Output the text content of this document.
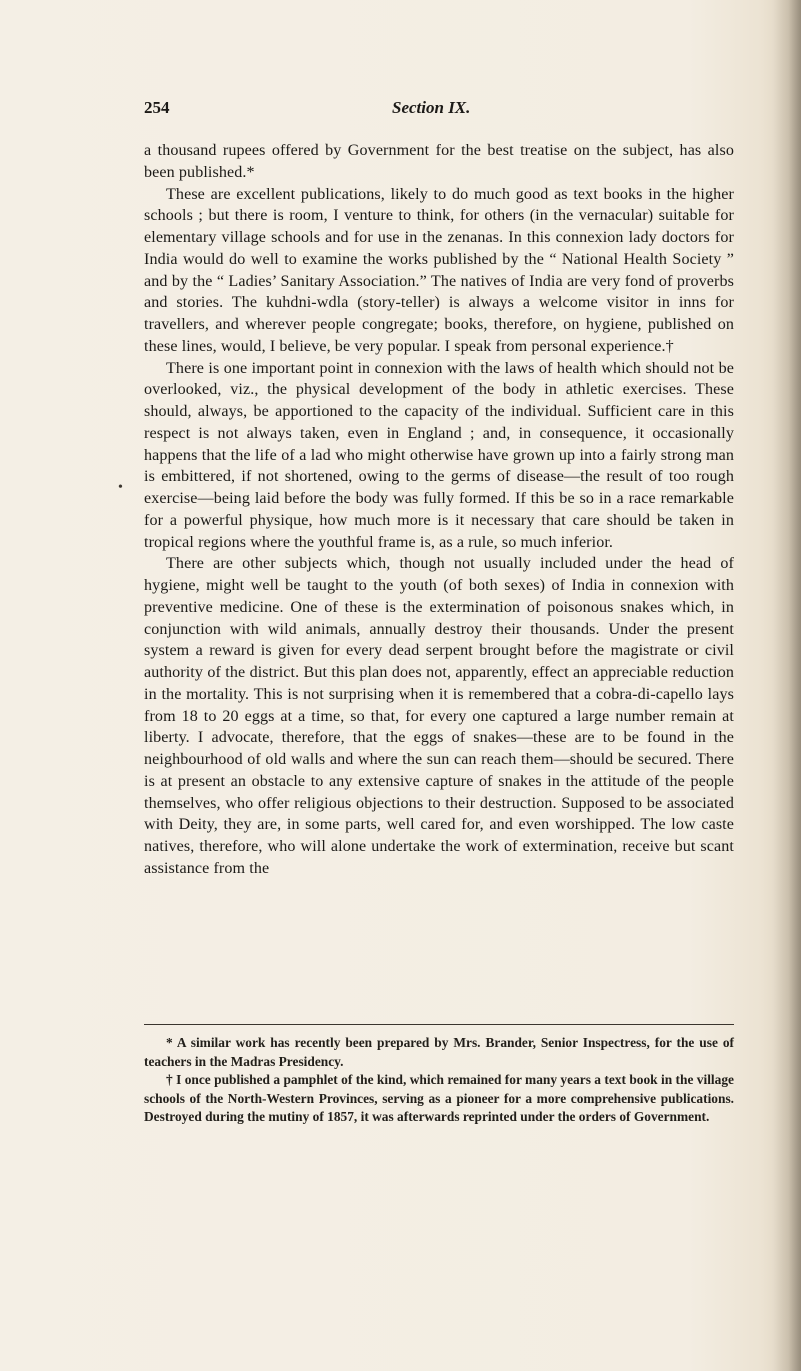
254	Section IX.
•

a thousand rupees offered by Government for the best treatise on the subject, has also been published.*

These are excellent publications, likely to do much good as text books in the higher schools ; but there is room, I venture to think, for others (in the vernacular) suitable for elementary village schools and for use in the zenanas. In this connexion lady doctors for India would do well to examine the works published by the “ National Health Society ” and by the “ Ladies’ Sanitary Association.” The natives of India are very fond of proverbs and stories. The kuhdni-wdla (story-teller) is always a welcome visitor in inns for travellers, and wherever people congregate; books, therefore, on hygiene, published on these lines, would, I believe, be very popular. I speak from personal experience.†

There is one important point in connexion with the laws of health which should not be overlooked, viz., the physical development of the body in athletic exercises. These should, always, be apportioned to the capacity of the individual. Sufficient care in this respect is not always taken, even in England ; and, in consequence, it occasionally happens that the life of a lad who might otherwise have grown up into a fairly strong man is embittered, if not shortened, owing to the germs of disease—the result of too rough exercise—being laid before the body was fully formed. If this be so in a race remarkable for a powerful physique, how much more is it necessary that care should be taken in tropical regions where the youthful frame is, as a rule, so much inferior.

There are other subjects which, though not usually included under the head of hygiene, might well be taught to the youth (of both sexes) of India in connexion with preventive medicine. One of these is the extermination of poisonous snakes which, in conjunction with wild animals, annually destroy their thousands. Under the present system a reward is given for every dead serpent brought before the magistrate or civil authority of the district. But this plan does not, apparently, effect an appreciable reduction in the mortality. This is not surprising when it is remembered that a cobra-di-capello lays from 18 to 20 eggs at a time, so that, for every one captured a large number remain at liberty. I advocate, therefore, that the eggs of snakes—these are to be found in the neighbourhood of old walls and where the sun can reach them—should be secured. There is at present an obstacle to any extensive capture of snakes in the attitude of the people themselves, who offer religious objections to their destruction. Supposed to be associated with Deity, they are, in some parts, well cared for, and even worshipped. The low caste natives, therefore, who will alone undertake the work of extermination, receive but scant assistance from the

* A similar work has recently been prepared by Mrs. Brander, Senior Inspectress, for the use of teachers in the Madras Presidency.

† I once published a pamphlet of the kind, which remained for many years a text book in the village schools of the North-Western Provinces, serving as a pioneer for a more comprehensive publications. Destroyed during the mutiny of 1857, it was afterwards reprinted under the orders of Government.
